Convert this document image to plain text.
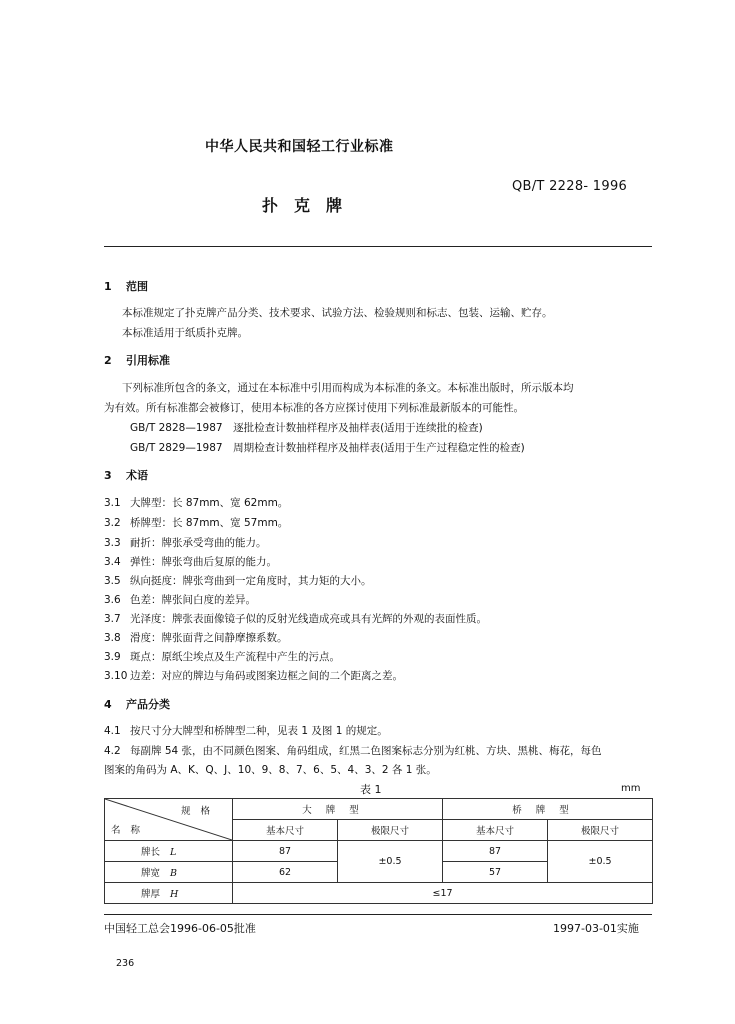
中华人民共和国轻工行业标准
QB/T 2228- 1996
扑克牌
1 范围
本标准规定了扑克牌产品分类、技术要求、试验方法、检验规则和标志、包装、运输、贮存。
本标准适用于纸质扑克牌。
2 引用标准
下列标准所包含的条文，通过在本标准中引用而构成为本标准的条文。本标准出版时，所示版本均
为有效。所有标准都会被修订，使用本标准的各方应探讨使用下列标准最新版本的可能性。
GB/T 2828—1987　逐批检查计数抽样程序及抽样表(适用于连续批的检查)
GB/T 2829—1987　周期检查计数抽样程序及抽样表(适用于生产过程稳定性的检查)
3 术语
3.1 大牌型：长 87mm、宽 62mm。
3.2 桥牌型：长 87mm、宽 57mm。
3.3 耐折：牌张承受弯曲的能力。
3.4 弹性：牌张弯曲后复原的能力。
3.5 纵向挺度：牌张弯曲到一定角度时，其力矩的大小。
3.6 色差：牌张间白度的差异。
3.7 光泽度：牌张表面像镜子似的反射光线造成亮或具有光辉的外观的表面性质。
3.8 滑度：牌张面背之间静摩擦系数。
3.9 斑点：原纸尘埃点及生产流程中产生的污点。
3.10 边差：对应的牌边与角码或图案边框之间的二个距离之差。
4 产品分类
4.1 按尺寸分大牌型和桥牌型二种，见表 1 及图 1 的规定。
4.2 每副牌 54 张，由不同颜色图案、角码组成，红黑二色图案标志分别为红桃、方块、黑桃、梅花，每色
图案的角码为 A、K、Q、J、10、9、8、7、6、5、4、3、2 各 1 张。
表 1	mm
规格
名称	大牌型		桥牌型	
	基本尺寸	极限尺寸	基本尺寸	极限尺寸
牌长 L	87	±0.5	87	±0.5
牌宽 B	62		57	
牌厚 H	≤17			
中国轻工总会1996-06-05批准	1997-03-01实施
236
